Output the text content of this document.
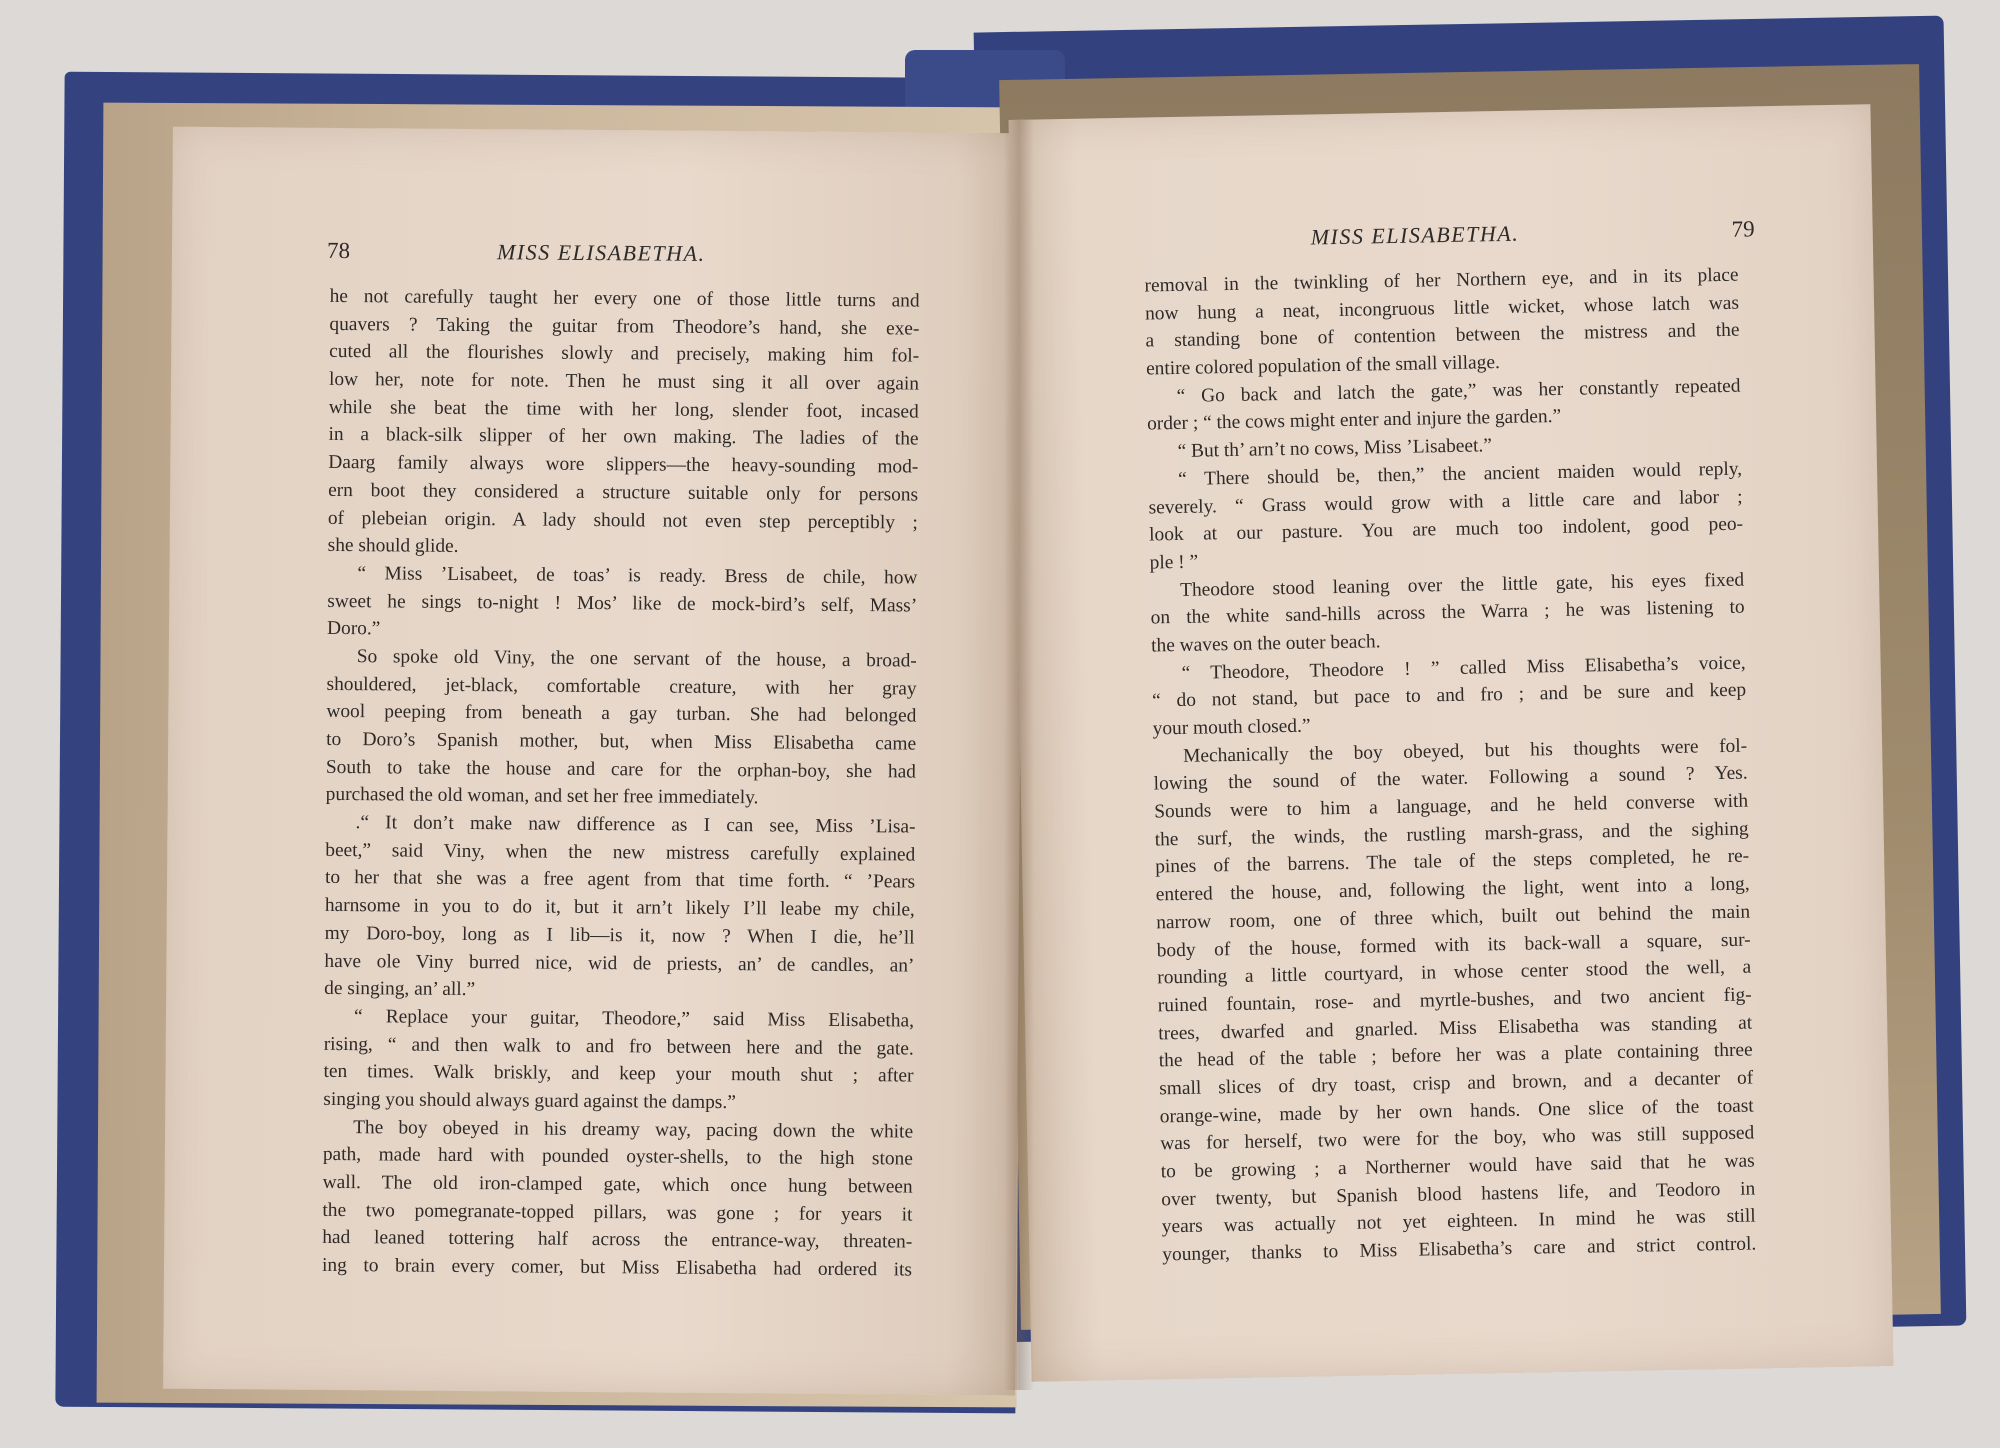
78	MISS ELISABETHA.
he not carefully taught her every one of those little turns and
quavers ? Taking the guitar from Theodore’s hand, she exe-
cuted all the flourishes slowly and precisely, making him fol-
low her, note for note. Then he must sing it all over again
while she beat the time with her long, slender foot, incased
in a black-silk slipper of her own making. The ladies of the
Daarg family always wore slippers—the heavy-sounding mod-
ern boot they considered a structure suitable only for persons
of plebeian origin. A lady should not even step perceptibly ;
she should glide.
“ Miss ’Lisabeet, de toas’ is ready. Bress de chile, how
sweet he sings to-night ! Mos’ like de mock-bird’s self, Mass’
Doro.”
So spoke old Viny, the one servant of the house, a broad-
shouldered, jet-black, comfortable creature, with her gray
wool peeping from beneath a gay turban. She had belonged
to Doro’s Spanish mother, but, when Miss Elisabetha came
South to take the house and care for the orphan-boy, she had
purchased the old woman, and set her free immediately.
.“ It don’t make naw difference as I can see, Miss ’Lisa-
beet,” said Viny, when the new mistress carefully explained
to her that she was a free agent from that time forth. “ ’Pears
harnsome in you to do it, but it arn’t likely I’ll leabe my chile,
my Doro-boy, long as I lib—is it, now ? When I die, he’ll
have ole Viny burred nice, wid de priests, an’ de candles, an’
de singing, an’ all.”
“ Replace your guitar, Theodore,” said Miss Elisabetha,
rising, “ and then walk to and fro between here and the gate.
ten times. Walk briskly, and keep your mouth shut ; after
singing you should always guard against the damps.”
The boy obeyed in his dreamy way, pacing down the white
path, made hard with pounded oyster-shells, to the high stone
wall. The old iron-clamped gate, which once hung between
the two pomegranate-topped pillars, was gone ; for years it
had leaned tottering half across the entrance-way, threaten-
ing to brain every comer, but Miss Elisabetha had ordered its
MISS ELISABETHA.	79
removal in the twinkling of her Northern eye, and in its place
now hung a neat, incongruous little wicket, whose latch was
a standing bone of contention between the mistress and the
entire colored population of the small village.
“ Go back and latch the gate,” was her constantly repeated
order ; “ the cows might enter and injure the garden.”
“ But th’ arn’t no cows, Miss ’Lisabeet.”
“ There should be, then,” the ancient maiden would reply,
severely. “ Grass would grow with a little care and labor ;
look at our pasture. You are much too indolent, good peo-
ple ! ”
Theodore stood leaning over the little gate, his eyes fixed
on the white sand-hills across the Warra ; he was listening to
the waves on the outer beach.
“ Theodore, Theodore ! ” called Miss Elisabetha’s voice,
“ do not stand, but pace to and fro ; and be sure and keep
your mouth closed.”
Mechanically the boy obeyed, but his thoughts were fol-
lowing the sound of the water. Following a sound ? Yes.
Sounds were to him a language, and he held converse with
the surf, the winds, the rustling marsh-grass, and the sighing
pines of the barrens. The tale of the steps completed, he re-
entered the house, and, following the light, went into a long,
narrow room, one of three which, built out behind the main
body of the house, formed with its back-wall a square, sur-
rounding a little courtyard, in whose center stood the well, a
ruined fountain, rose- and myrtle-bushes, and two ancient fig-
trees, dwarfed and gnarled. Miss Elisabetha was standing at
the head of the table ; before her was a plate containing three
small slices of dry toast, crisp and brown, and a decanter of
orange-wine, made by her own hands. One slice of the toast
was for herself, two were for the boy, who was still supposed
to be growing ; a Northerner would have said that he was
over twenty, but Spanish blood hastens life, and Teodoro in
years was actually not yet eighteen. In mind he was still
younger, thanks to Miss Elisabetha’s care and strict control.
